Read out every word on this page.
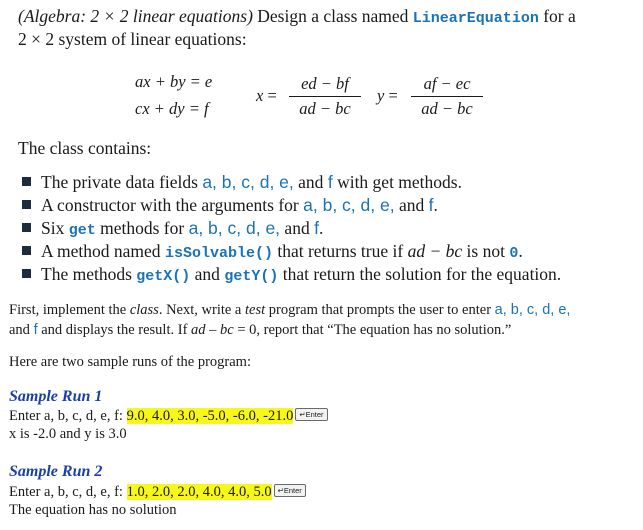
(Algebra: 2 × 2 linear equations) Design a class named LinearEquation for a
2 × 2 system of linear equations:
ax + by = e
cx + dy = f
x =
ed − bf
ad − bc
y =
af − ec
ad − bc
The class contains:
The private data fields a, b, c, d, e, and f with get methods.
A constructor with the arguments for a, b, c, d, e, and f.
Six get methods for a, b, c, d, e, and f.
A method named isSolvable() that returns true if ad − bc is not 0.
The methods getX() and getY() that return the solution for the equation.
First, implement the class. Next, write a test program that prompts the user to enter a, b, c, d, e,
and f and displays the result. If ad – bc = 0, report that “The equation has no solution.”
Here are two sample runs of the program:
Sample Run 1
Enter a, b, c, d, e, f: 9.0, 4.0, 3.0, -5.0, -6.0, -21.0 ↵Enter
x is -2.0 and y is 3.0
Sample Run 2
Enter a, b, c, d, e, f: 1.0, 2.0, 2.0, 4.0, 4.0, 5.0 ↵Enter
The equation has no solution
